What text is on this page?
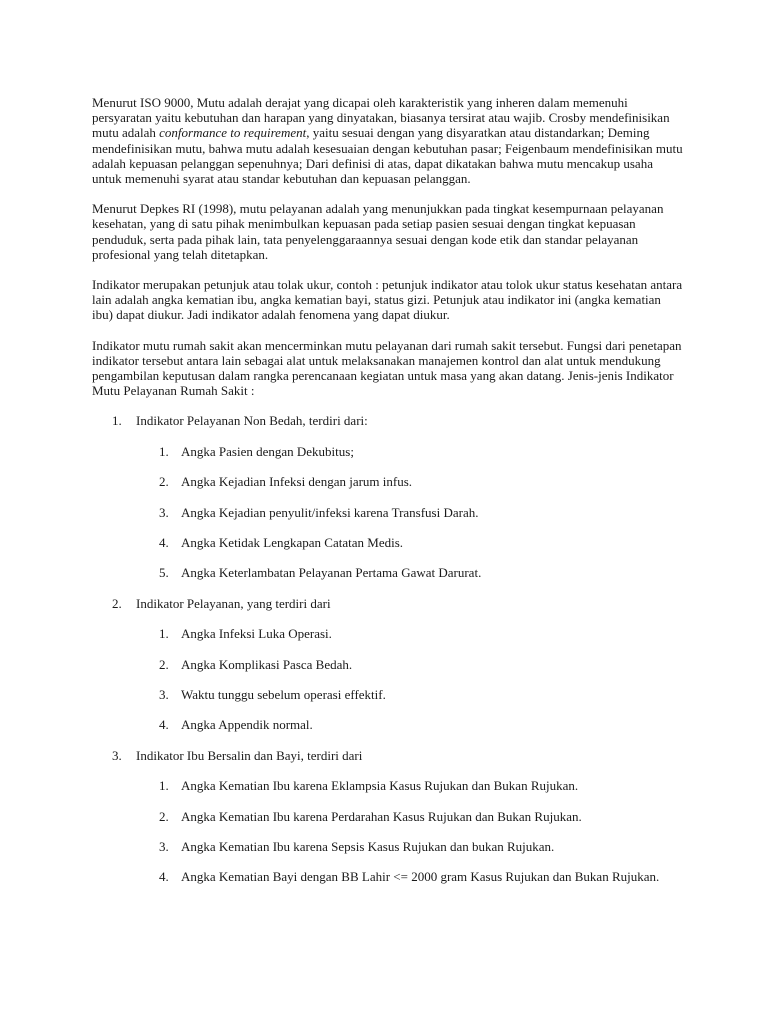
Menurut ISO 9000, Mutu adalah derajat yang dicapai oleh karakteristik yang inheren dalam memenuhi persyaratan yaitu kebutuhan dan harapan yang dinyatakan, biasanya tersirat atau wajib. Crosby mendefinisikan mutu adalah conformance to requirement, yaitu sesuai dengan yang disyaratkan atau distandarkan; Deming mendefinisikan mutu, bahwa mutu adalah kesesuaian dengan kebutuhan pasar; Feigenbaum mendefinisikan mutu adalah kepuasan pelanggan sepenuhnya; Dari definisi di atas, dapat dikatakan bahwa mutu mencakup usaha untuk memenuhi syarat atau standar kebutuhan dan kepuasan pelanggan.

Menurut Depkes RI (1998), mutu pelayanan adalah yang menunjukkan pada tingkat kesempurnaan pelayanan kesehatan, yang di satu pihak menimbulkan kepuasan pada setiap pasien sesuai dengan tingkat kepuasan penduduk, serta pada pihak lain, tata penyelenggaraannya sesuai dengan kode etik dan standar pelayanan profesional yang telah ditetapkan.

Indikator merupakan petunjuk atau tolak ukur, contoh : petunjuk indikator atau tolok ukur status kesehatan antara lain adalah angka kematian ibu, angka kematian bayi, status gizi. Petunjuk atau indikator ini (angka kematian ibu) dapat diukur. Jadi indikator adalah fenomena yang dapat diukur.

Indikator mutu rumah sakit akan mencerminkan mutu pelayanan dari rumah sakit tersebut. Fungsi dari penetapan indikator tersebut antara lain sebagai alat untuk melaksanakan manajemen kontrol dan alat untuk mendukung pengambilan keputusan dalam rangka perencanaan kegiatan untuk masa yang akan datang. Jenis-jenis Indikator Mutu Pelayanan Rumah Sakit :

1. Indikator Pelayanan Non Bedah, terdiri dari:
1. Angka Pasien dengan Dekubitus;
2. Angka Kejadian Infeksi dengan jarum infus.
3. Angka Kejadian penyulit/infeksi karena Transfusi Darah.
4. Angka Ketidak Lengkapan Catatan Medis.
5. Angka Keterlambatan Pelayanan Pertama Gawat Darurat.
2. Indikator Pelayanan, yang terdiri dari
1. Angka Infeksi Luka Operasi.
2. Angka Komplikasi Pasca Bedah.
3. Waktu tunggu sebelum operasi effektif.
4. Angka Appendik normal.
3. Indikator Ibu Bersalin dan Bayi, terdiri dari
1. Angka Kematian Ibu karena Eklampsia Kasus Rujukan dan Bukan Rujukan.
2. Angka Kematian Ibu karena Perdarahan Kasus Rujukan dan Bukan Rujukan.
3. Angka Kematian Ibu karena Sepsis Kasus Rujukan dan bukan Rujukan.
4. Angka Kematian Bayi dengan BB Lahir <= 2000 gram Kasus Rujukan dan Bukan Rujukan.
